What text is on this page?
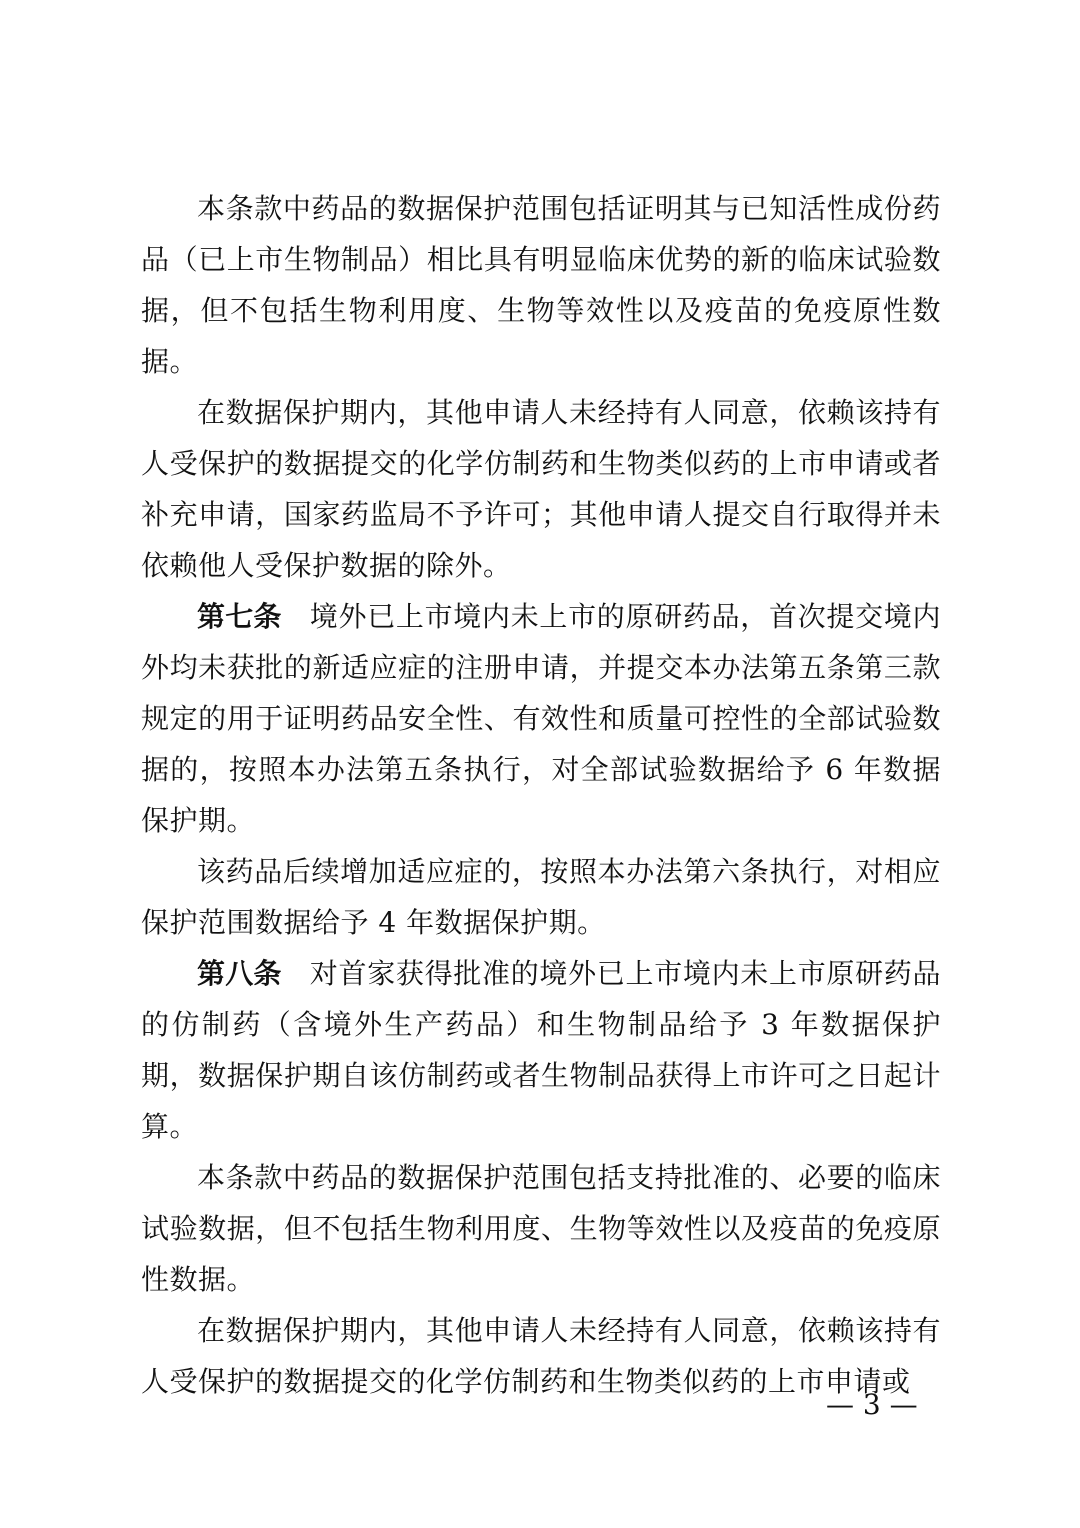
本条款中药品的数据保护范围包括证明其与已知活性成份药品（已上市生物制品）相比具有明显临床优势的新的临床试验数据，但不包括生物利用度、生物等效性以及疫苗的免疫原性数据。

在数据保护期内，其他申请人未经持有人同意，依赖该持有人受保护的数据提交的化学仿制药和生物类似药的上市申请或者补充申请，国家药监局不予许可；其他申请人提交自行取得并未依赖他人受保护数据的除外。

第七条 境外已上市境内未上市的原研药品，首次提交境内外均未获批的新适应症的注册申请，并提交本办法第五条第三款规定的用于证明药品安全性、有效性和质量可控性的全部试验数据的，按照本办法第五条执行，对全部试验数据给予 6 年数据保护期。

该药品后续增加适应症的，按照本办法第六条执行，对相应保护范围数据给予 4 年数据保护期。

第八条 对首家获得批准的境外已上市境内未上市原研药品的仿制药（含境外生产药品）和生物制品给予 3 年数据保护期，数据保护期自该仿制药或者生物制品获得上市许可之日起计算。

本条款中药品的数据保护范围包括支持批准的、必要的临床试验数据，但不包括生物利用度、生物等效性以及疫苗的免疫原性数据。

在数据保护期内，其他申请人未经持有人同意，依赖该持有人受保护的数据提交的化学仿制药和生物类似药的上市申请或

— 3 —
